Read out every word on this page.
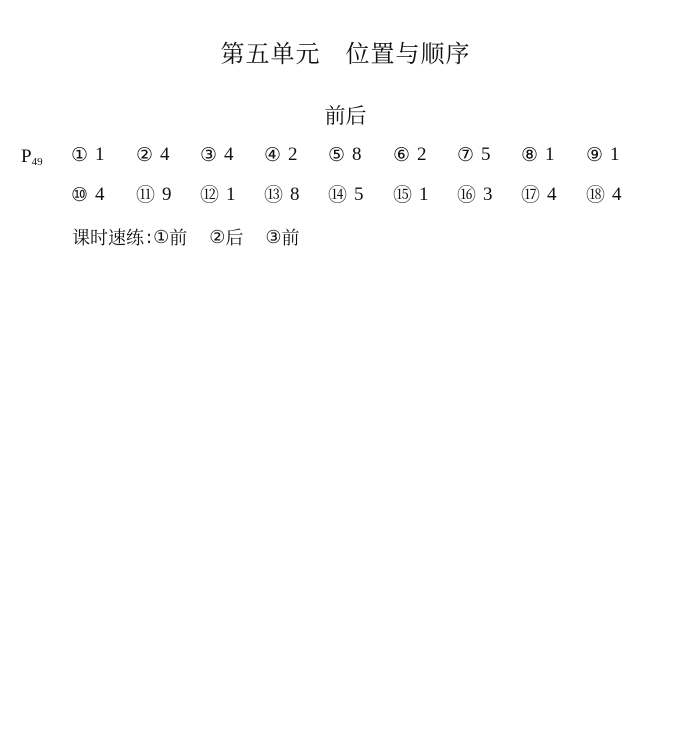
第五单元　位置与顺序
前后
$P_{49}$ ① 1 ② 4 ③ 4 ④ 2 ⑤ 8 ⑥ 2 ⑦ 5 ⑧ 1 ⑨ 1
⑩ 4 ⑪ 9 ⑫ 1 ⑬ 8 ⑭ 5 ⑮ 1 ⑯ 3 ⑰ 4 ⑱ 4
课时速练 : ① 前 ② 后 ③ 前
